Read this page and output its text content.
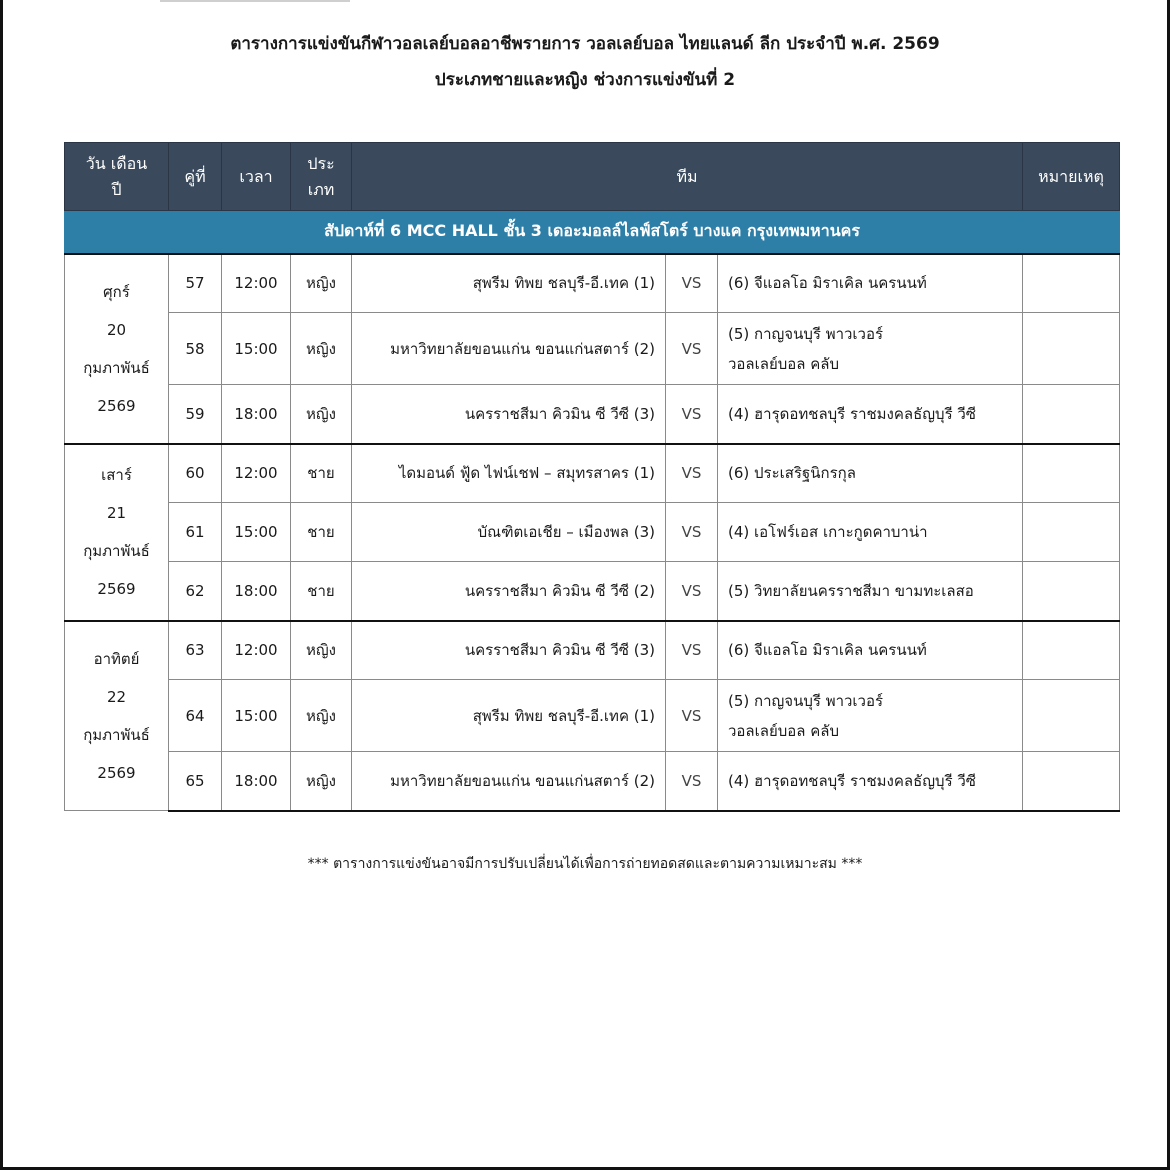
ตารางการแข่งขันกีฬาวอลเลย์บอลอาชีพรายการ วอลเลย์บอล ไทยแลนด์ ลีก ประจำปี พ.ศ. 2569
ประเภทชายและหญิง ช่วงการแข่งขันที่ 2
วัน เดือน
ปี	คู่ที่	เวลา	ประ
เภท	ทีม			หมายเหตุ
สัปดาห์ที่ 6 MCC HALL ชั้น 3 เดอะมอลล์ไลฟ์สโตร์ บางแค กรุงเทพมหานคร							

ศุกร์
20
กุมภาพันธ์
2569	57	12:00	หญิง	สุพรีม ทิพย ชลบุรี-อี.เทค (1)	VS	(6) จีแอลโอ มิราเคิล นครนนท์	
	58	15:00	หญิง	มหาวิทยาลัยขอนแก่น ขอนแก่นสตาร์ (2)	VS	(5) กาญจนบุรี พาวเวอร์
วอลเลย์บอล คลับ	
	59	18:00	หญิง	นครราชสีมา คิวมิน ซี วีซี (3)	VS	(4) ฮารุดอทชลบุรี ราชมงคลธัญบุรี วีซี	

เสาร์
21
กุมภาพันธ์
2569	60	12:00	ชาย	ไดมอนด์ ฟู้ด ไฟน์เชฟ – สมุทรสาคร (1)	VS	(6) ประเสริฐนิกรกุล	
	61	15:00	ชาย	บัณฑิตเอเชีย – เมืองพล (3)	VS	(4) เอโฟร์เอส เกาะกูดคาบาน่า	
	62	18:00	ชาย	นครราชสีมา คิวมิน ซี วีซี (2)	VS	(5) วิทยาลัยนครราชสีมา ขามทะเลสอ	

อาทิตย์
22
กุมภาพันธ์
2569	63	12:00	หญิง	นครราชสีมา คิวมิน ซี วีซี (3)	VS	(6) จีแอลโอ มิราเคิล นครนนท์	
	64	15:00	หญิง	สุพรีม ทิพย ชลบุรี-อี.เทค (1)	VS	(5) กาญจนบุรี พาวเวอร์
วอลเลย์บอล คลับ	
	65	18:00	หญิง	มหาวิทยาลัยขอนแก่น ขอนแก่นสตาร์ (2)	VS	(4) ฮารุดอทชลบุรี ราชมงคลธัญบุรี วีซี	
*** ตารางการแข่งขันอาจมีการปรับเปลี่ยนได้เพื่อการถ่ายทอดสดและตามความเหมาะสม ***
